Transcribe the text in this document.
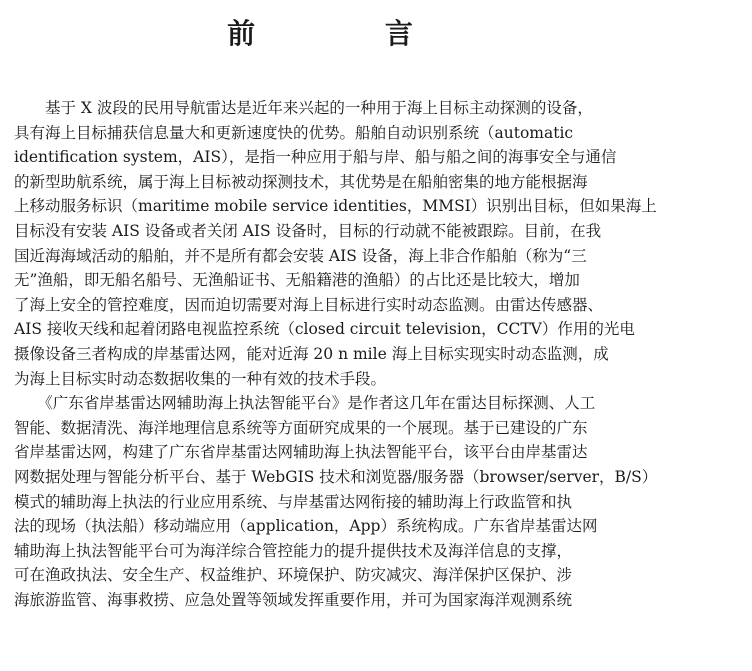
前 言
　　基于 X 波段的民用导航雷达是近年来兴起的一种用于海上目标主动探测的设备，
具有海上目标捕获信息量大和更新速度快的优势。船舶自动识别系统（automatic
identification system，AIS），是指一种应用于船与岸、船与船之间的海事安全与通信
的新型助航系统，属于海上目标被动探测技术，其优势是在船舶密集的地方能根据海
上移动服务标识（maritime mobile service identities，MMSI）识别出目标，但如果海上
目标没有安装 AIS 设备或者关闭 AIS 设备时，目标的行动就不能被跟踪。目前，在我
国近海海域活动的船舶，并不是所有都会安装 AIS 设备，海上非合作船舶（称为“三
无”渔船，即无船名船号、无渔船证书、无船籍港的渔船）的占比还是比较大，增加
了海上安全的管控难度，因而迫切需要对海上目标进行实时动态监测。由雷达传感器、
AIS 接收天线和起着闭路电视监控系统（closed circuit television，CCTV）作用的光电
摄像设备三者构成的岸基雷达网，能对近海 20 n mile 海上目标实现实时动态监测，成
为海上目标实时动态数据收集的一种有效的技术手段。
　　《广东省岸基雷达网辅助海上执法智能平台》是作者这几年在雷达目标探测、人工
智能、数据清洗、海洋地理信息系统等方面研究成果的一个展现。基于已建设的广东
省岸基雷达网，构建了广东省岸基雷达网辅助海上执法智能平台，该平台由岸基雷达
网数据处理与智能分析平台、基于 WebGIS 技术和浏览器/服务器（browser/server，B/S）
模式的辅助海上执法的行业应用系统、与岸基雷达网衔接的辅助海上行政监管和执
法的现场（执法船）移动端应用（application，App）系统构成。广东省岸基雷达网
辅助海上执法智能平台可为海洋综合管控能力的提升提供技术及海洋信息的支撑，
可在渔政执法、安全生产、权益维护、环境保护、防灾减灾、海洋保护区保护、涉
海旅游监管、海事救捞、应急处置等领域发挥重要作用，并可为国家海洋观测系统
